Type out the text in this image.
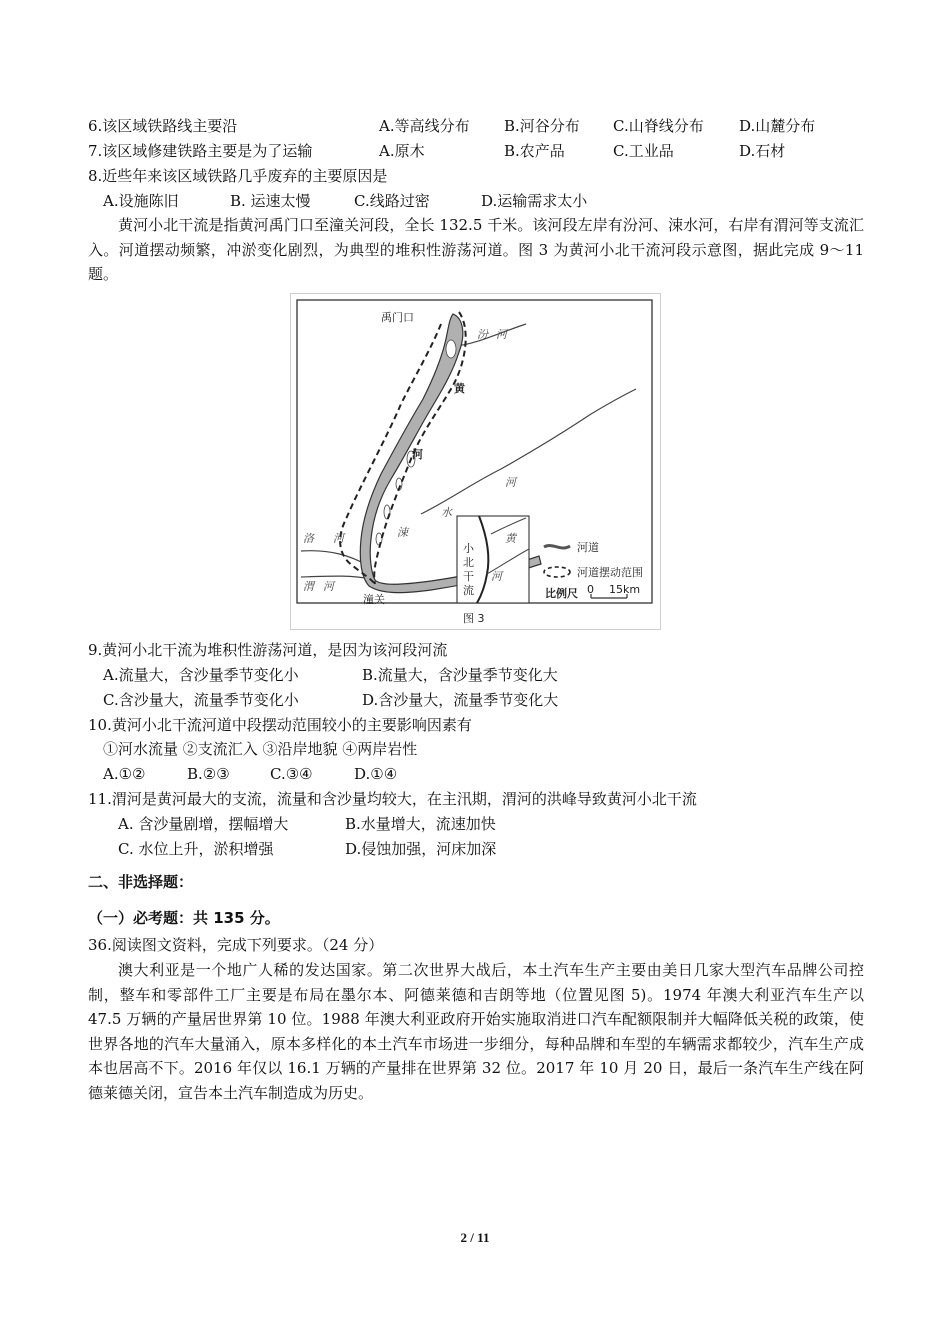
6.该区域铁路线主要沿	A.等高线分布 B.河谷分布 C.山脊线分布 D.山麓分布
7.该区域修建铁路主要是为了运输	A.原木	B.农产品	C.工业品	D.石材
8.近些年来该区域铁路几乎废弃的主要原因是
A.设施陈旧	B. 运速太慢	C.线路过密	D.运输需求太小
黄河小北干流是指黄河禹门口至潼关河段，全长 132.5 千米。该河段左岸有汾河、涑水河，右岸有渭河等支流汇入。河道摆动频繁，冲淤变化剧烈，为典型的堆积性游荡河道。图 3 为黄河小北干流河段示意图，据此完成 9～11 题。
禹门口
汾 河
黄
河
河
水
涑
洛 河
渭 河
潼关
小
北
干
流
黄
河
河道
河道摆动范围
比例尺 0 15km
图 3
9.黄河小北干流为堆积性游荡河道，是因为该河段河流
A.流量大，含沙量季节变化小	B.流量大，含沙量季节变化大
C.含沙量大，流量季节变化小	D.含沙量大，流量季节变化大
10.黄河小北干流河道中段摆动范围较小的主要影响因素有
①河水流量 ②支流汇入 ③沿岸地貌 ④两岸岩性
A.①②	B.②③	C.③④	D.①④
11.渭河是黄河最大的支流，流量和含沙量均较大，在主汛期，渭河的洪峰导致黄河小北干流
A. 含沙量剧增，摆幅增大	B.水量增大，流速加快
C. 水位上升，淤积增强	D.侵蚀加强，河床加深
二、非选择题：
（一）必考题：共 135 分。
36.阅读图文资料，完成下列要求。（24 分）
澳大利亚是一个地广人稀的发达国家。第二次世界大战后，本土汽车生产主要由美日几家大型汽车品牌公司控制，整车和零部件工厂主要是布局在墨尔本、阿德莱德和吉朗等地（位置见图 5)。1974 年澳大利亚汽车生产以 47.5 万辆的产量居世界第 10 位。1988 年澳大利亚政府开始实施取消进口汽车配额限制并大幅降低关税的政策，使世界各地的汽车大量涌入，原本多样化的本土汽车市场进一步细分，每种品牌和车型的车辆需求都较少，汽车生产成本也居高不下。2016 年仅以 16.1 万辆的产量排在世界第 32 位。2017 年 10 月 20 日，最后一条汽车生产线在阿德莱德关闭，宣告本土汽车制造成为历史。
2 / 11
